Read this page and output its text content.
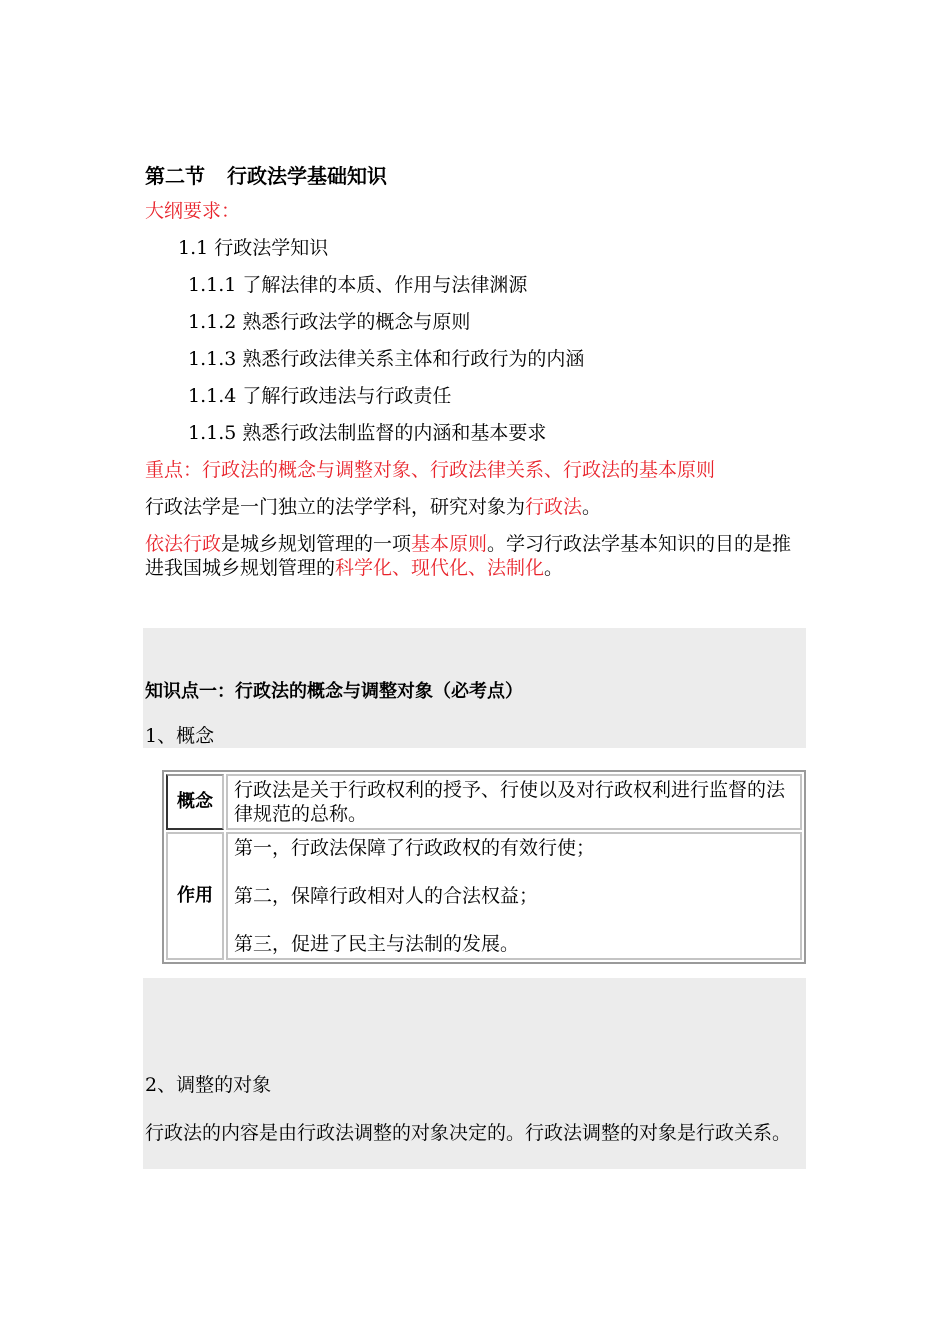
第二节 行政法学基础知识
大纲要求：
1.1 行政法学知识
1.1.1 了解法律的本质、作用与法律渊源
1.1.2 熟悉行政法学的概念与原则
1.1.3 熟悉行政法律关系主体和行政行为的内涵
1.1.4 了解行政违法与行政责任
1.1.5 熟悉行政法制监督的内涵和基本要求
重点：行政法的概念与调整对象、行政法律关系、行政法的基本原则
行政法学是一门独立的法学学科，研究对象为行政法。
依法行政是城乡规划管理的一项基本原则。学习行政法学基本知识的目的是推进我国城乡规划管理的科学化、现代化、法制化。
知识点一：行政法的概念与调整对象（必考点）
1、概念
概念	行政法是关于行政权利的授予、行使以及对行政权利进行监督的法律规范的总称。
作用	第一，行政法保障了行政政权的有效行使；
第二，保障行政相对人的合法权益；
第三，促进了民主与法制的发展。
2、调整的对象
行政法的内容是由行政法调整的对象决定的。行政法调整的对象是行政关系。
